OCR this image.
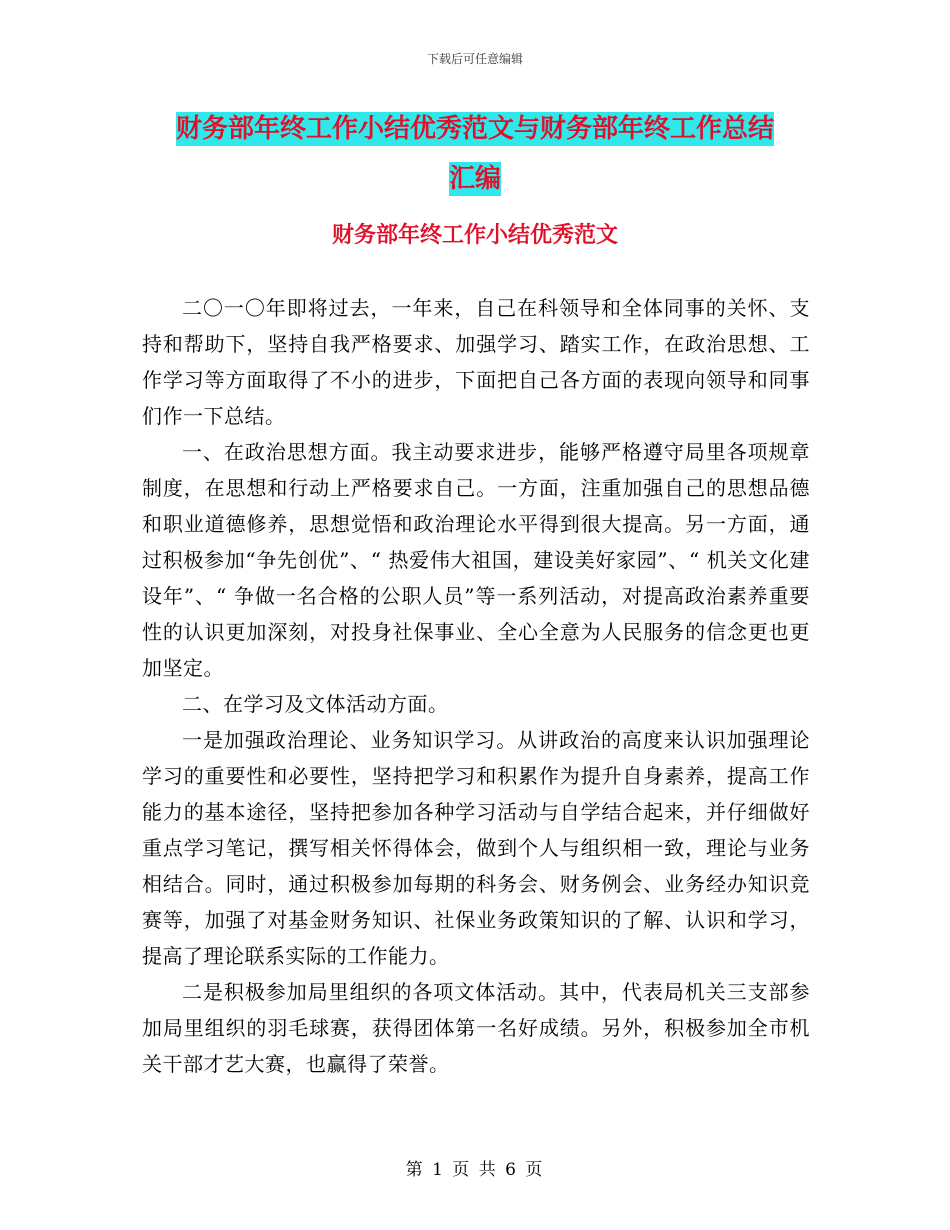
下载后可任意编辑
财务部年终工作小结优秀范文与财务部年终工作总结
汇编
财务部年终工作小结优秀范文

二〇一〇年即将过去，一年来，自己在科领导和全体同事的关怀、支持和帮助下，坚持自我严格要求、加强学习、踏实工作，在政治思想、工作学习等方面取得了不小的进步，下面把自己各方面的表现向领导和同事们作一下总结。

一、在政治思想方面。我主动要求进步，能够严格遵守局里各项规章制度，在思想和行动上严格要求自己。一方面，注重加强自己的思想品德和职业道德修养，思想觉悟和政治理论水平得到很大提高。另一方面，通过积极参加“争先创优”、“ 热爱伟大祖国，建设美好家园”、“ 机关文化建设年”、“ 争做一名合格的公职人员”等一系列活动，对提高政治素养重要性的认识更加深刻，对投身社保事业、全心全意为人民服务的信念更也更加坚定。

二、在学习及文体活动方面。

一是加强政治理论、业务知识学习。从讲政治的高度来认识加强理论学习的重要性和必要性，坚持把学习和积累作为提升自身素养，提高工作能力的基本途径，坚持把参加各种学习活动与自学结合起来，并仔细做好重点学习笔记，撰写相关怀得体会，做到个人与组织相一致，理论与业务相结合。同时，通过积极参加每期的科务会、财务例会、业务经办知识竞赛等，加强了对基金财务知识、社保业务政策知识的了解、认识和学习，提高了理论联系实际的工作能力。

二是积极参加局里组织的各项文体活动。其中，代表局机关三支部参加局里组织的羽毛球赛，获得团体第一名好成绩。另外，积极参加全市机关干部才艺大赛，也赢得了荣誉。

第 1 页 共 6 页
